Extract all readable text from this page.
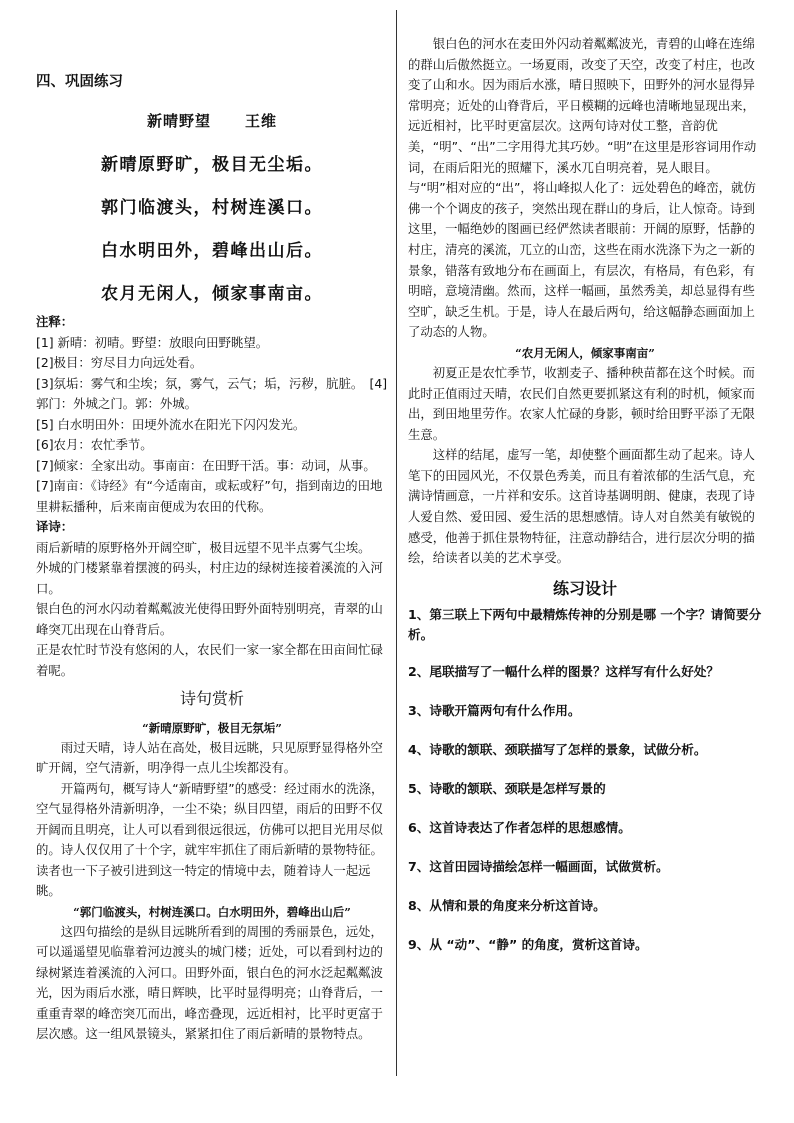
四、巩固练习
新晴野望 王维
新晴原野旷，极目无尘垢。
郭门临渡头，村树连溪口。
白水明田外，碧峰出山后。
农月无闲人，倾家事南亩。

注释：

[1] 新晴：初晴。野望：放眼向田野眺望。

[2]极目：穷尽目力向远处看。

[3]氛垢：雾气和尘埃；氛，雾气，云气；垢，污秽，肮脏。　[4]郭门：外城之门。郭：外城。

[5] 白水明田外：田埂外流水在阳光下闪闪发光。

[6]农月：农忙季节。

[7]倾家：全家出动。事南亩：在田野干活。事：动词，从事。

[7]南亩：《诗经》有“今适南亩，或耘或籽”句，指到南边的田地里耕耘播种，后来南亩便成为农田的代称。

译诗：

雨后新晴的原野格外开阔空旷，极目远望不见半点雾气尘埃。

外城的门楼紧靠着摆渡的码头，村庄边的绿树连接着溪流的入河口。

银白色的河水闪动着粼粼波光使得田野外面特别明亮，青翠的山峰突兀出现在山脊背后。

正是农忙时节没有悠闲的人，农民们一家一家全都在田亩间忙碌着呢。

诗句赏析

“新晴原野旷，极目无氛垢”

雨过天晴，诗人站在高处，极目远眺，只见原野显得格外空旷开阔，空气清新，明净得一点儿尘埃都没有。

开篇两句，概写诗人“新晴野望”的感受：经过雨水的洗涤，空气显得格外清新明净，一尘不染；纵目四望，雨后的田野不仅开阔而且明亮，让人可以看到很远很远，仿佛可以把目光用尽似的。诗人仅仅用了十个字，就牢牢抓住了雨后新晴的景物特征。读者也一下子被引进到这一特定的情境中去，随着诗人一起远眺。

“郭门临渡头，村树连溪口。白水明田外，碧峰出山后”

这四句描绘的是纵目远眺所看到的周围的秀丽景色，远处，可以遥遥望见临靠着河边渡头的城门楼；近处，可以看到村边的绿树紧连着溪流的入河口。田野外面，银白色的河水泛起粼粼波光，因为雨后水涨，晴日辉映，比平时显得明亮；山脊背后，一重重青翠的峰峦突兀而出，峰峦叠现，远近相衬，比平时更富于层次感。这一组风景镜头，紧紧扣住了雨后新晴的景物特点。

银白色的河水在麦田外闪动着粼粼波光，青碧的山峰在连绵的群山后傲然挺立。一场夏雨，改变了天空，改变了村庄，也改变了山和水。因为雨后水涨，晴日照映下，田野外的河水显得异常明亮；近处的山脊背后，平日模糊的远峰也清晰地显现出来，远近相衬，比平时更富层次。这两句诗对仗工整，音韵优美，“明”、“出”二字用得尤其巧妙。“明”在这里是形容词用作动词，在雨后阳光的照耀下，溪水兀自明亮着，晃人眼目。与“明”相对应的“出”，将山峰拟人化了：远处碧色的峰峦，就仿佛一个个调皮的孩子，突然出现在群山的身后，让人惊奇。诗到这里，一幅绝妙的图画已经俨然读者眼前：开阔的原野，恬静的村庄，清亮的溪流，兀立的山峦，这些在雨水洗涤下为之一新的景象，错落有致地分布在画面上，有层次，有格局，有色彩，有明暗，意境清幽。然而，这样一幅画，虽然秀美，却总显得有些空旷，缺乏生机。于是，诗人在最后两句，给这幅静态画面加上了动态的人物。

“农月无闲人，倾家事南亩”

初夏正是农忙季节，收割麦子、播种秧苗都在这个时候。而此时正值雨过天晴，农民们自然更要抓紧这有利的时机，倾家而出，到田地里劳作。农家人忙碌的身影，顿时给田野平添了无限生意。

这样的结尾，虚写一笔，却使整个画面都生动了起来。诗人笔下的田园风光，不仅景色秀美，而且有着浓郁的生活气息，充满诗情画意，一片祥和安乐。这首诗基调明朗、健康，表现了诗人爱自然、爱田园、爱生活的思想感情。诗人对自然美有敏锐的感受，他善于抓住景物特征，注意动静结合，进行层次分明的描绘，给读者以美的艺术享受。

练习设计

1、第三联上下两句中最精炼传神的分别是哪 一个字？请简要分析。

2、尾联描写了一幅什么样的图景？这样写有什么好处？

3、诗歌开篇两句有什么作用。

4、诗歌的颔联、颈联描写了怎样的景象，试做分析。

5、诗歌的颔联、颈联是怎样写景的

6、这首诗表达了作者怎样的思想感情。

7、这首田园诗描绘怎样一幅画面，试做赏析。

8、从情和景的角度来分析这首诗。

9、从 “动”、“静” 的角度，赏析这首诗。
